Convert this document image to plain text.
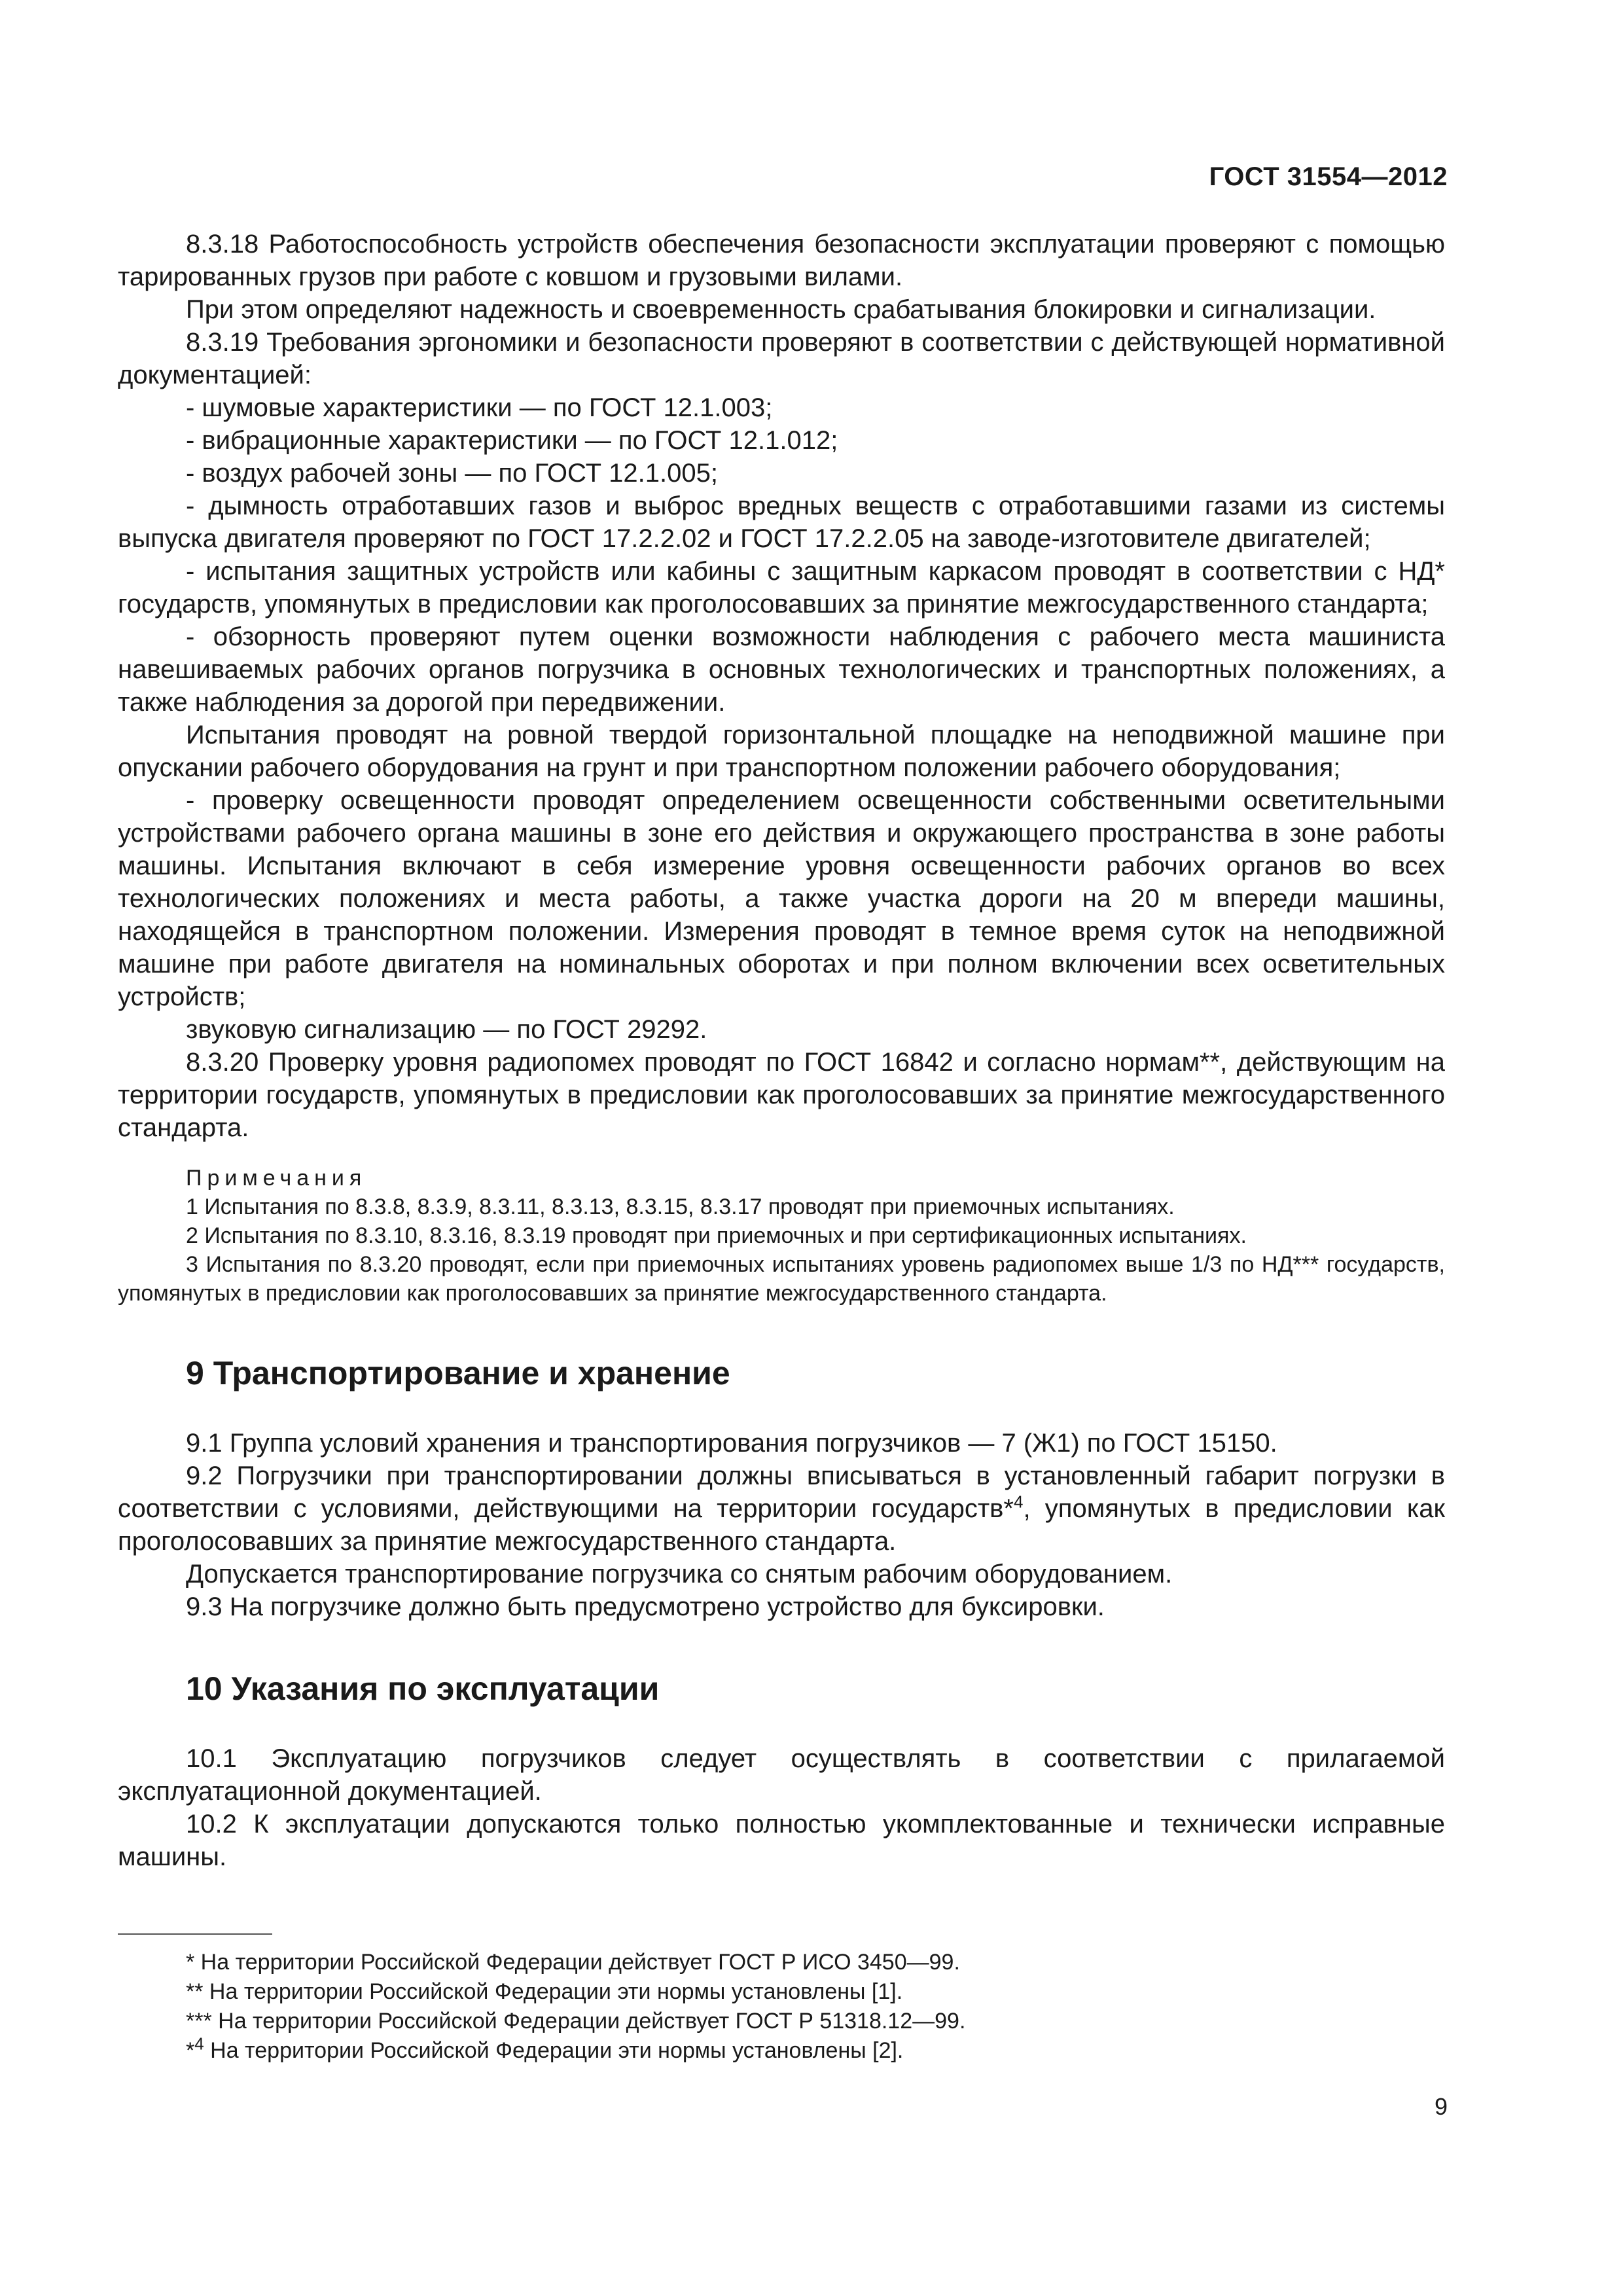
ГОСТ 31554—2012

8.3.18 Работоспособность устройств обеспечения безопасности эксплуатации проверяют с помощью тарированных грузов при работе с ковшом и грузовыми вилами.

При этом определяют надежность и своевременность срабатывания блокировки и сигнализации.

8.3.19 Требования эргономики и безопасности проверяют в соответствии с действующей нормативной документацией:

- шумовые характеристики — по ГОСТ 12.1.003;

- вибрационные характеристики — по ГОСТ 12.1.012;

- воздух рабочей зоны — по ГОСТ 12.1.005;

- дымность отработавших газов и выброс вредных веществ с отработавшими газами из системы выпуска двигателя проверяют по ГОСТ 17.2.2.02 и ГОСТ 17.2.2.05 на заводе-изготовителе двигателей;

- испытания защитных устройств или кабины с защитным каркасом проводят в соответствии с НД* государств, упомянутых в предисловии как проголосовавших за принятие межгосударственного стандарта;

- обзорность проверяют путем оценки возможности наблюдения с рабочего места машиниста навешиваемых рабочих органов погрузчика в основных технологических и транспортных положениях, а также наблюдения за дорогой при передвижении.

Испытания проводят на ровной твердой горизонтальной площадке на неподвижной машине при опускании рабочего оборудования на грунт и при транспортном положении рабочего оборудования;

- проверку освещенности проводят определением освещенности собственными осветительными устройствами рабочего органа машины в зоне его действия и окружающего пространства в зоне работы машины. Испытания включают в себя измерение уровня освещенности рабочих органов во всех технологических положениях и места работы, а также участка дороги на 20 м впереди машины, находящейся в транспортном положении. Измерения проводят в темное время суток на неподвижной машине при работе двигателя на номинальных оборотах и при полном включении всех осветительных устройств;

звуковую сигнализацию — по ГОСТ 29292.

8.3.20 Проверку уровня радиопомех проводят по ГОСТ 16842 и согласно нормам**, действующим на территории государств, упомянутых в предисловии как проголосовавших за принятие межгосударственного стандарта.

Примечания

1 Испытания по 8.3.8, 8.3.9, 8.3.11, 8.3.13, 8.3.15, 8.3.17 проводят при приемочных испытаниях.

2 Испытания по 8.3.10, 8.3.16, 8.3.19 проводят при приемочных и при сертификационных испытаниях.

3 Испытания по 8.3.20 проводят, если при приемочных испытаниях уровень радиопомех выше 1/3 по НД*** государств, упомянутых в предисловии как проголосовавших за принятие межгосударственного стандарта.

9 Транспортирование и хранение

9.1 Группа условий хранения и транспортирования погрузчиков — 7 (Ж1) по ГОСТ 15150.

9.2 Погрузчики при транспортировании должны вписываться в установленный габарит погрузки в соответствии с условиями, действующими на территории государств*$^4$, упомянутых в предисловии как проголосовавших за принятие межгосударственного стандарта.

Допускается транспортирование погрузчика со снятым рабочим оборудованием.

9.3 На погрузчике должно быть предусмотрено устройство для буксировки.

10 Указания по эксплуатации

10.1 Эксплуатацию погрузчиков следует осуществлять в соответствии с прилагаемой эксплуатационной документацией.

10.2 К эксплуатации допускаются только полностью укомплектованные и технически исправные машины.

* На территории Российской Федерации действует ГОСТ Р ИСО 3450—99.

** На территории Российской Федерации эти нормы установлены [1].

*** На территории Российской Федерации действует ГОСТ Р 51318.12—99.

*$^4$ На территории Российской Федерации эти нормы установлены [2].

9
